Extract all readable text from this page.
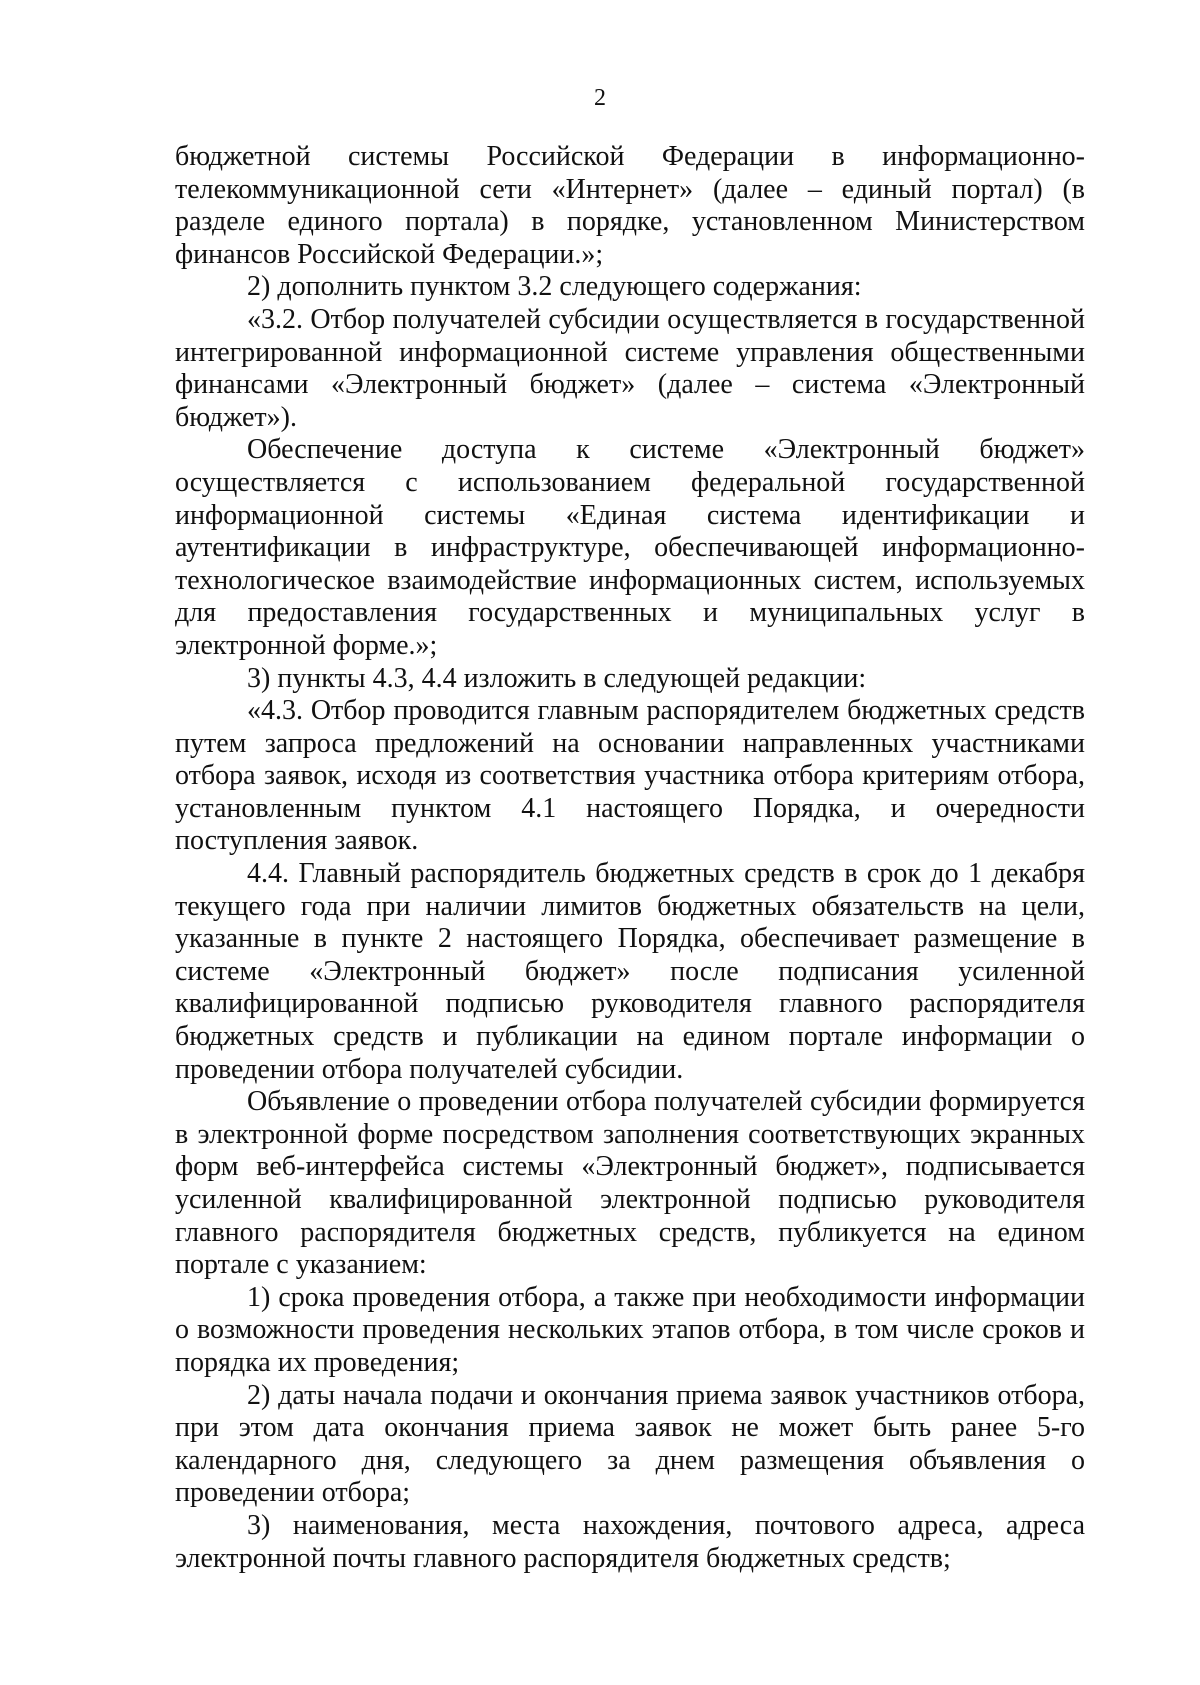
2

бюджетной системы Российской Федерации в информационно-телекоммуникационной сети «Интернет» (далее – единый портал) (в разделе единого портала) в порядке, установленном Министерством финансов Российской Федерации.»;

2) дополнить пунктом 3.2 следующего содержания:

«3.2. Отбор получателей субсидии осуществляется в государственной интегрированной информационной системе управления общественными финансами «Электронный бюджет» (далее – система «Электронный бюджет»).

Обеспечение доступа к системе «Электронный бюджет» осуществляется с использованием федеральной государственной информационной системы «Единая система идентификации и аутентификации в инфраструктуре, обеспечивающей информационно-технологическое взаимодействие информационных систем, используемых для предоставления государственных и муниципальных услуг в электронной форме.»;

3) пункты 4.3, 4.4 изложить в следующей редакции:

«4.3. Отбор проводится главным распорядителем бюджетных средств путем запроса предложений на основании направленных участниками отбора заявок, исходя из соответствия участника отбора критериям отбора, установленным пунктом 4.1 настоящего Порядка, и очередности поступления заявок.

4.4. Главный распорядитель бюджетных средств в срок до 1 декабря текущего года при наличии лимитов бюджетных обязательств на цели, указанные в пункте 2 настоящего Порядка, обеспечивает размещение в системе «Электронный бюджет» после подписания усиленной квалифицированной подписью руководителя главного распорядителя бюджетных средств и публикации на едином портале информации о проведении отбора получателей субсидии.

Объявление о проведении отбора получателей субсидии формируется в электронной форме посредством заполнения соответствующих экранных форм веб-интерфейса системы «Электронный бюджет», подписывается усиленной квалифицированной электронной подписью руководителя главного распорядителя бюджетных средств, публикуется на едином портале с указанием:

1) срока проведения отбора, а также при необходимости информации о возможности проведения нескольких этапов отбора, в том числе сроков и порядка их проведения;

2) даты начала подачи и окончания приема заявок участников отбора, при этом дата окончания приема заявок не может быть ранее 5-го календарного дня, следующего за днем размещения объявления о проведении отбора;

3) наименования, места нахождения, почтового адреса, адреса электронной почты главного распорядителя бюджетных средств;
